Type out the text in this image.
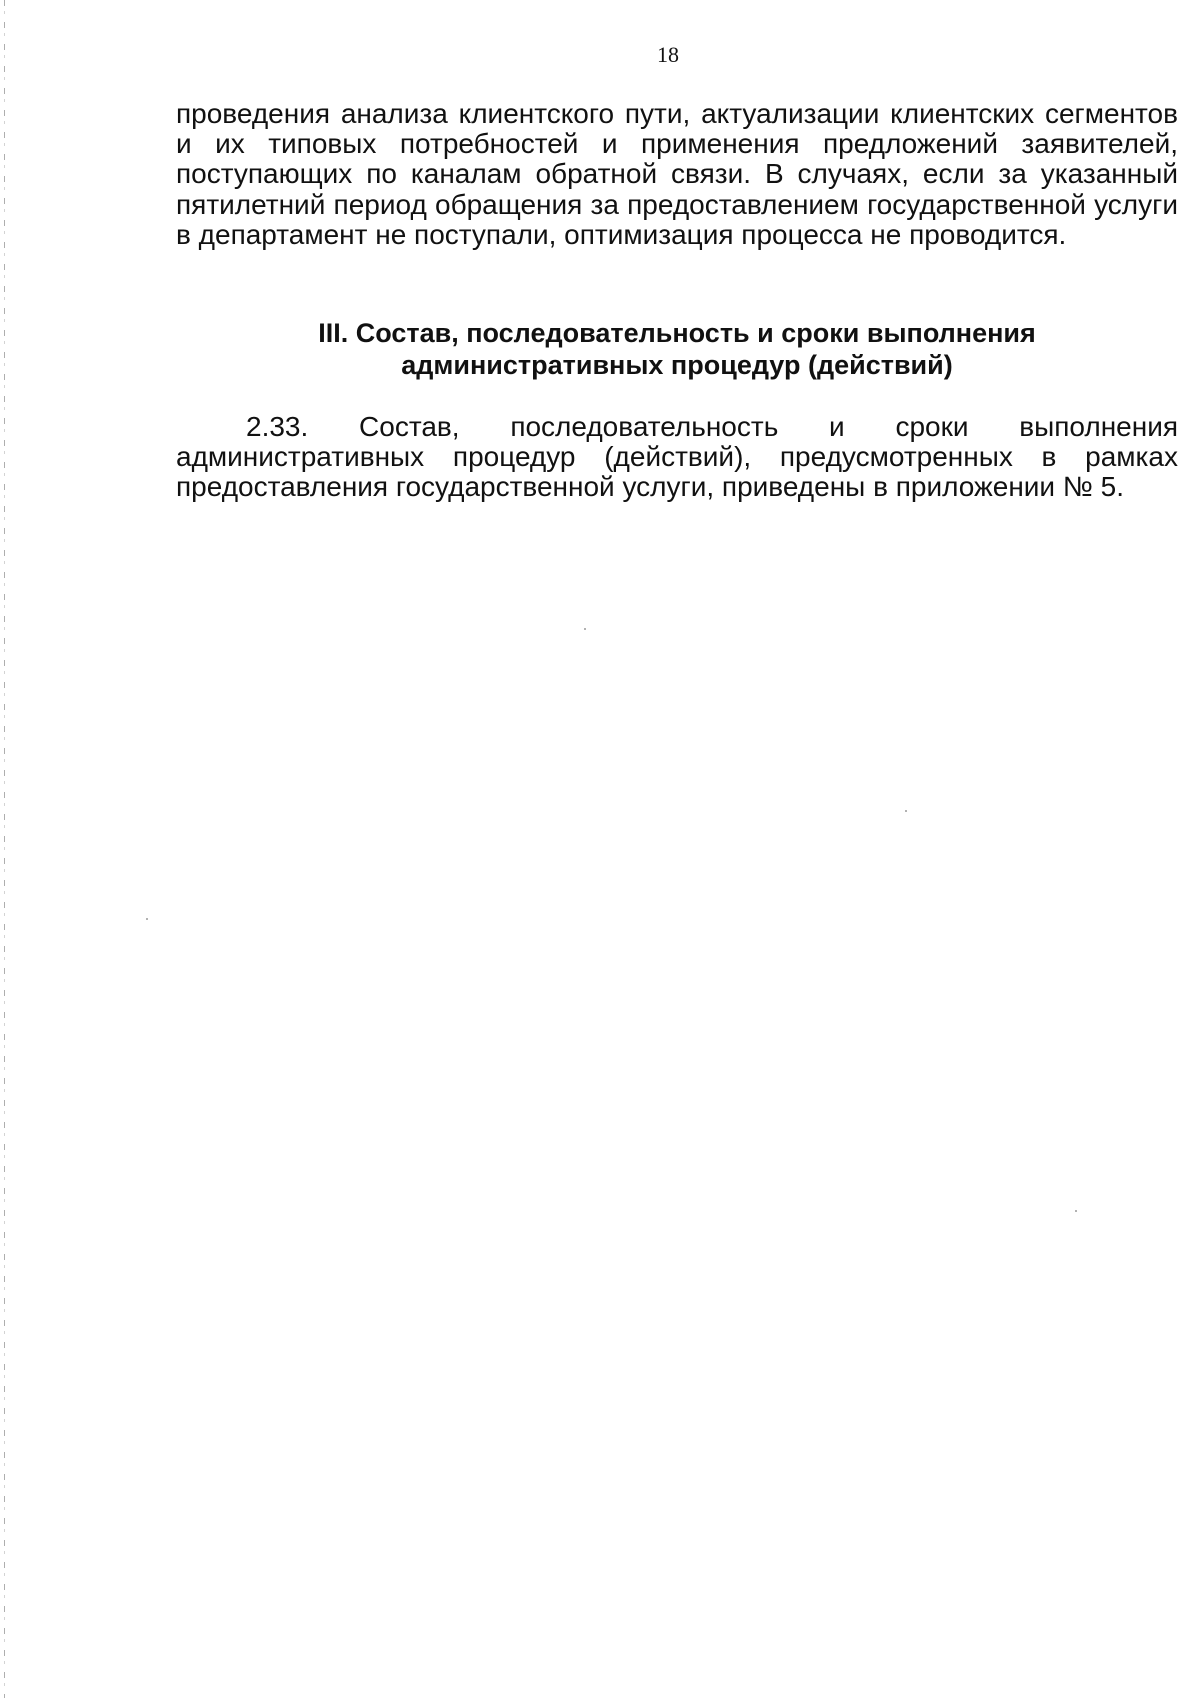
18

проведения анализа клиентского пути, актуализации клиентских сегментов и их типовых потребностей и применения предложений заявителей, поступающих по каналам обратной связи. В случаях, если за указанный пятилетний период обращения за предоставлением государственной услуги в департамент не поступали, оптимизация процесса не проводится.

III. Состав, последовательность и сроки выполнения
административных процедур (действий)

2.33. Состав, последовательность и сроки выполнения административных процедур (действий), предусмотренных в рамках предоставления государственной услуги, приведены в приложении № 5.
